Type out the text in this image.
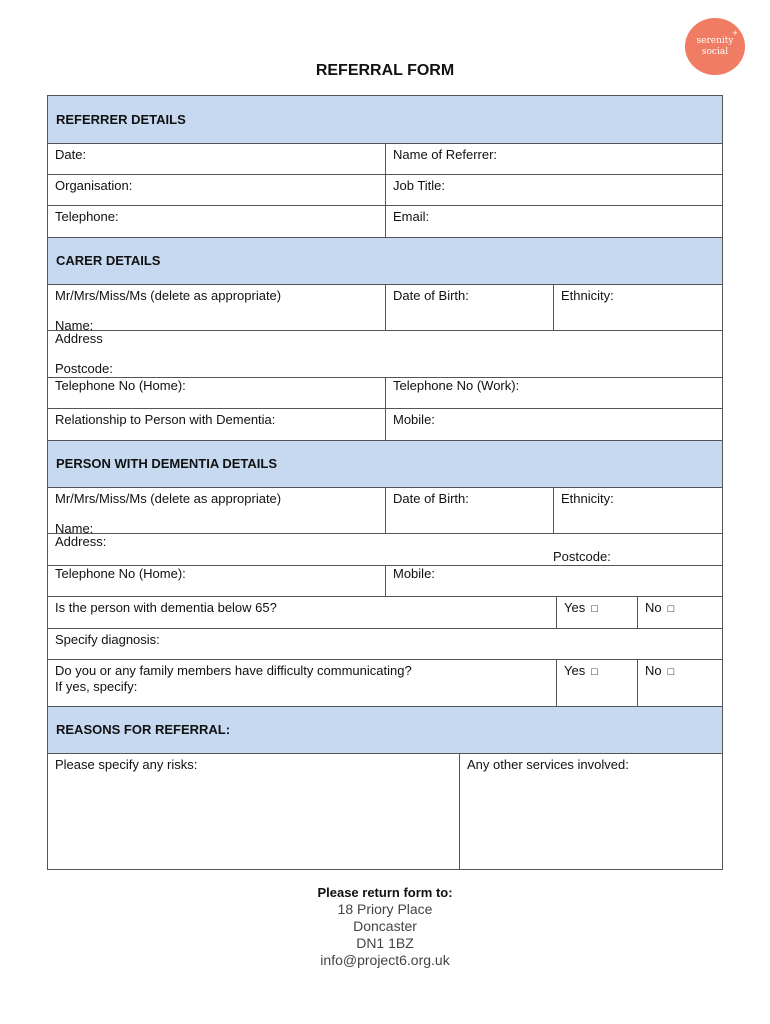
+
serenity
social
REFERRAL FORM
REFERRER DETAILS
Date:	Name of Referrer:
Organisation:	Job Title:
Telephone:	Email:
CARER DETAILS
Mr/Mrs/Miss/Ms (delete as appropriate)
Name:
Date of Birth:	Ethnicity:
Address
Postcode:
Telephone No (Home):	Telephone No (Work):
Relationship to Person with Dementia:	Mobile:
PERSON WITH DEMENTIA DETAILS
Mr/Mrs/Miss/Ms (delete as appropriate)
Name:
Date of Birth:	Ethnicity:
Address:
Postcode:
Telephone No (Home):	Mobile:
Is the person with dementia below 65?	Yes □	No □
Specify diagnosis:
Do you or any family members have difficulty communicating?
If yes, specify:
Yes □	No □
REASONS FOR REFERRAL:
Please specify any risks:	Any other services involved:
Please return form to:
18 Priory Place
Doncaster
DN1 1BZ
info@project6.org.uk
